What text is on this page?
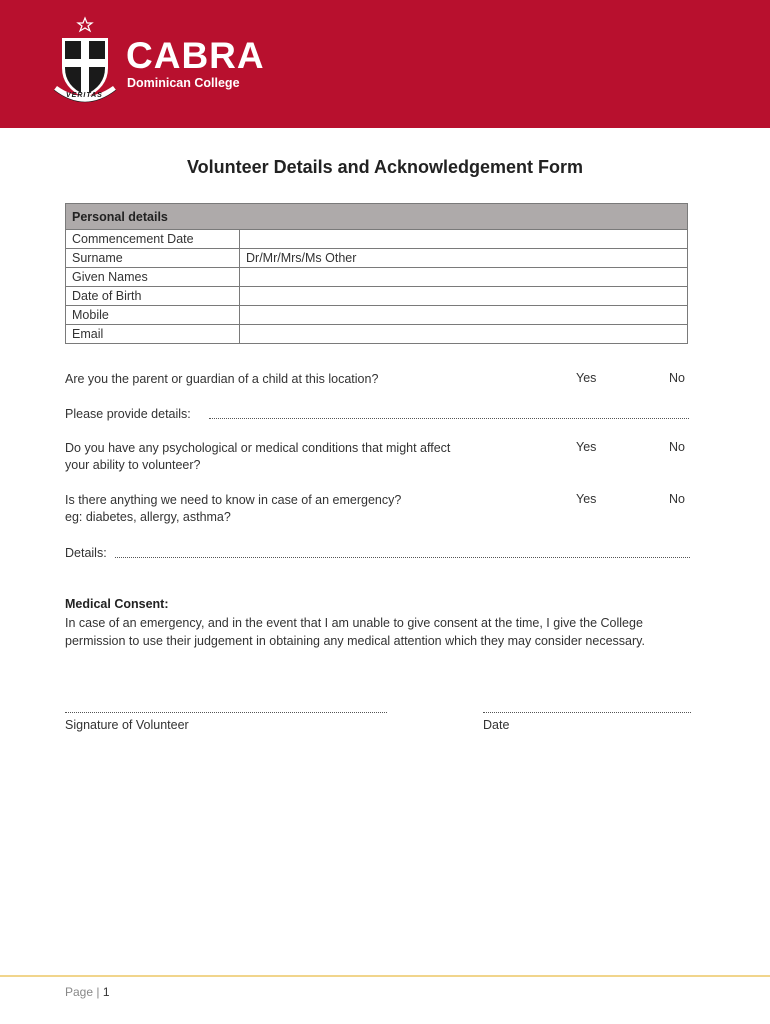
CABRA

Dominican College

VERITAS
Volunteer Details and Acknowledgement Form
Personal details	
Commencement Date	
Surname	Dr/Mr/Mrs/Ms Other
Given Names	
Date of Birth	
Mobile	
Email	

Are you the parent or guardian of a child at this location?	Yes	No

Please provide details:

Do you have any psychological or medical conditions that might affect
your ability to volunteer?

Yes	No

Is there anything we need to know in case of an emergency?
eg: diabetes, allergy, asthma?

Yes	No

Details:

Medical Consent:

In case of an emergency, and in the event that I am unable to give consent at the time, I give the College permission to use their judgement in obtaining any medical attention which they may consider necessary.

Signature of Volunteer	Date
Page | 1
